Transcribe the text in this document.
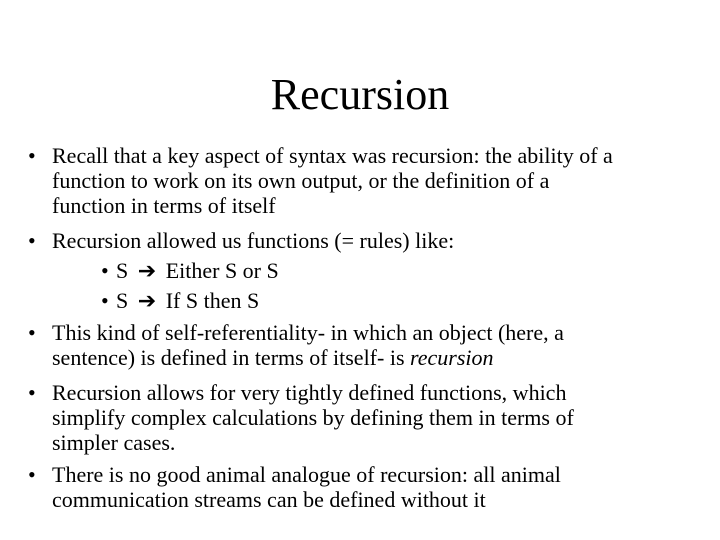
Recursion
• Recall that a key aspect of syntax was recursion: the ability of a
function to work on its own output, or the definition of a
function in terms of itself
• Recursion allowed us functions (= rules) like:
• S ➔ Either S or S
• S ➔ If S then S
• This kind of self-referentiality- in which an object (here, a
sentence) is defined in terms of itself- is recursion
• Recursion allows for very tightly defined functions, which
simplify complex calculations by defining them in terms of
simpler cases.
• There is no good animal analogue of recursion: all animal
communication streams can be defined without it
